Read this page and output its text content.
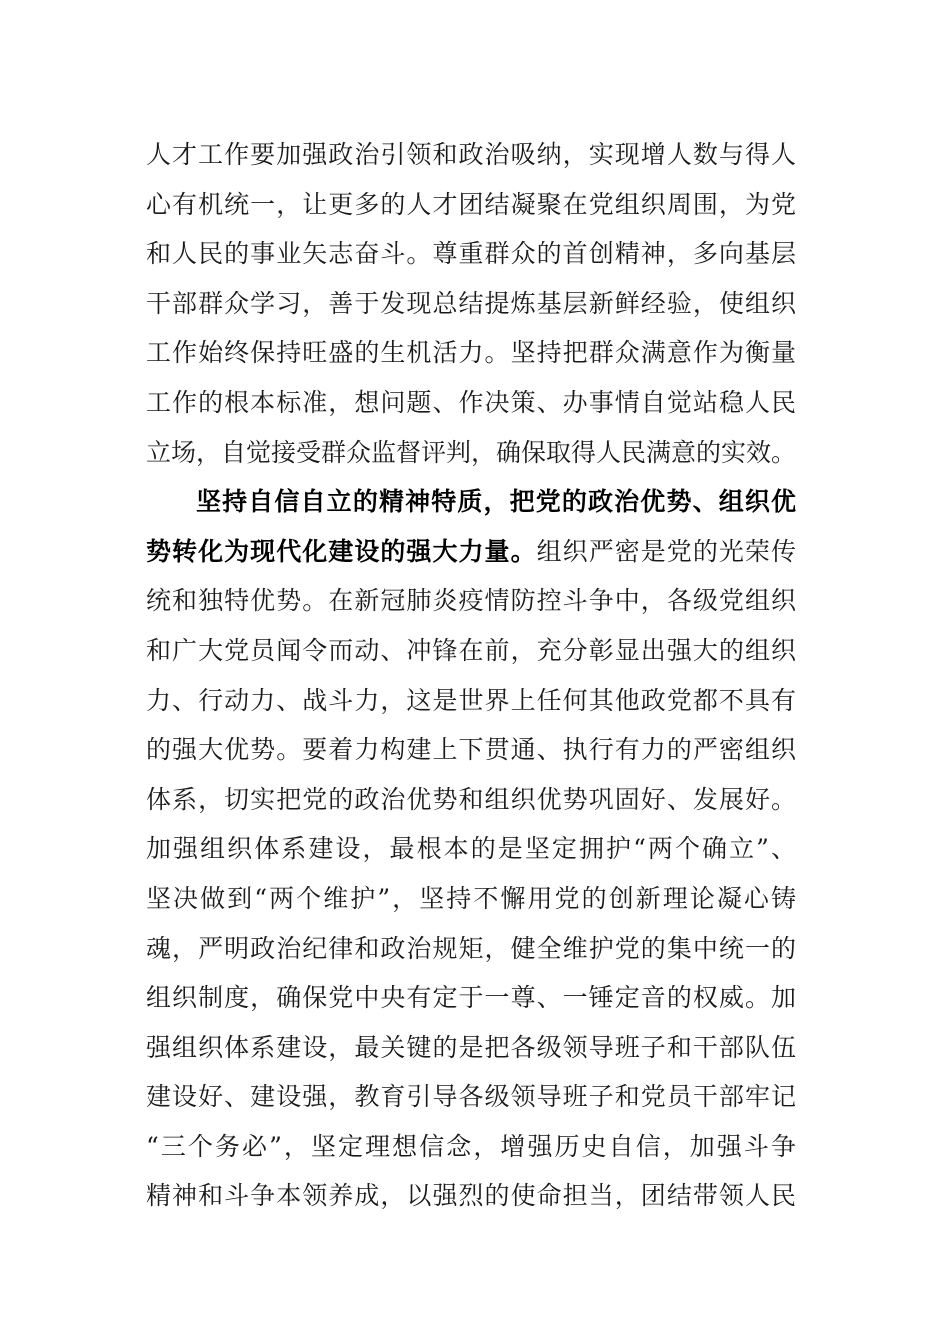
人才工作要加强政治引领和政治吸纳，实现增人数与得人
心有机统一，让更多的人才团结凝聚在党组织周围，为党
和人民的事业矢志奋斗。尊重群众的首创精神，多向基层
干部群众学习，善于发现总结提炼基层新鲜经验，使组织
工作始终保持旺盛的生机活力。坚持把群众满意作为衡量
工作的根本标准，想问题、作决策、办事情自觉站稳人民
立场，自觉接受群众监督评判，确保取得人民满意的实效。
坚持自信自立的精神特质，把党的政治优势、组织优
势转化为现代化建设的强大力量。组织严密是党的光荣传
统和独特优势。在新冠肺炎疫情防控斗争中，各级党组织
和广大党员闻令而动、冲锋在前，充分彰显出强大的组织
力、行动力、战斗力，这是世界上任何其他政党都不具有
的强大优势。要着力构建上下贯通、执行有力的严密组织
体系，切实把党的政治优势和组织优势巩固好、发展好。
加强组织体系建设，最根本的是坚定拥护“两个确立”、
坚决做到“两个维护”，坚持不懈用党的创新理论凝心铸
魂，严明政治纪律和政治规矩，健全维护党的集中统一的
组织制度，确保党中央有定于一尊、一锤定音的权威。加
强组织体系建设，最关键的是把各级领导班子和干部队伍
建设好、建设强，教育引导各级领导班子和党员干部牢记
“三个务必”，坚定理想信念，增强历史自信，加强斗争
精神和斗争本领养成，以强烈的使命担当，团结带领人民
